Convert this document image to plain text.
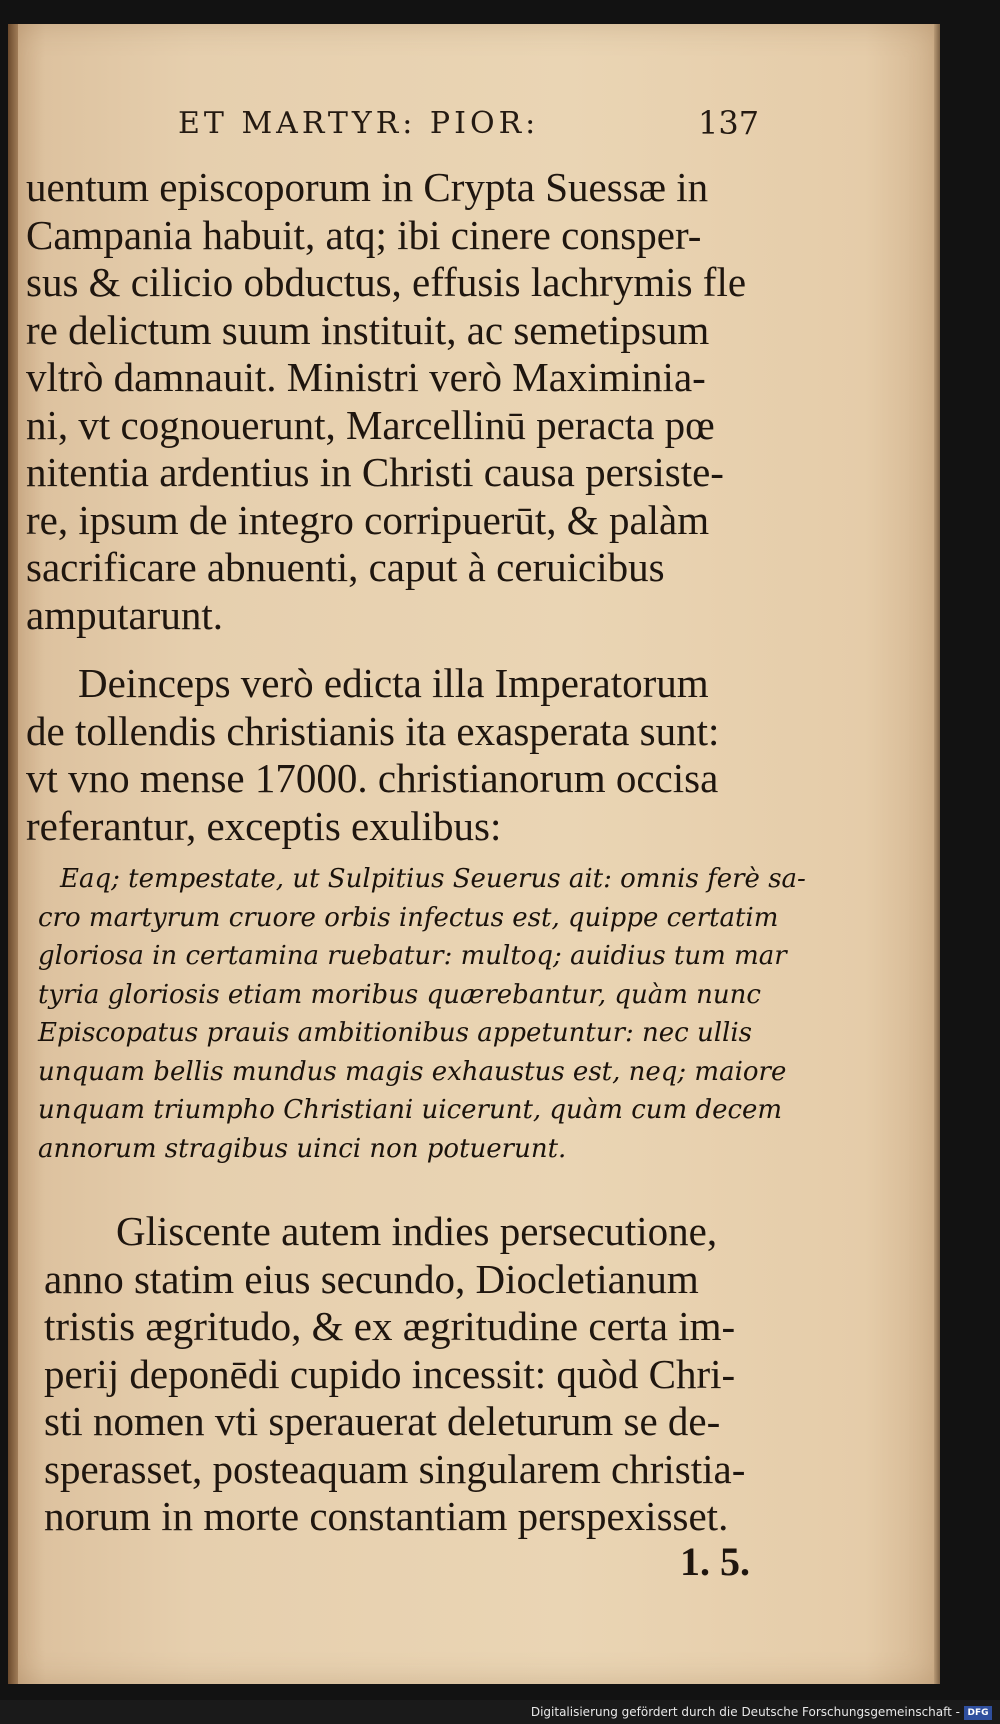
ET MARTYR: PIOR:	137
uentum episcoporum in Crypta Suessæ in
Campania habuit, atq; ibi cinere consper-
sus & cilicio obductus, effusis lachrymis fle
re delictum suum instituit, ac semetipsum
vltrò damnauit. Ministri verò Maximinia-
ni, vt cognouerunt, Marcellinū peracta pœ
nitentia ardentius in Christi causa persiste-
re, ipsum de integro corripuerūt, & palàm
sacrificare abnuenti, caput à ceruicibus
amputarunt.
Deinceps verò edicta illa Imperatorum
de tollendis christianis ita exasperata sunt:
vt vno mense 17000. christianorum occisa
referantur, exceptis exulibus:
Eaq; tempestate, ut Sulpitius Seuerus ait: omnis ferè sa-
cro martyrum cruore orbis infectus est, quippe certatim
gloriosa in certamina ruebatur: multoq; auidius tum mar
tyria gloriosis etiam moribus quærebantur, quàm nunc
Episcopatus prauis ambitionibus appetuntur: nec ullis
unquam bellis mundus magis exhaustus est, neq; maiore
unquam triumpho Christiani uicerunt, quàm cum decem
annorum stragibus uinci non potuerunt.
Gliscente autem indies persecutione,
anno statim eius secundo, Diocletianum
tristis ægritudo, & ex ægritudine certa im-
perij deponēdi cupido incessit: quòd Chri-
sti nomen vti sperauerat deleturum se de-
sperasset, posteaquam singularem christia-
norum in morte constantiam perspexisset.
1. 5.
Digitalisierung gefördert durch die Deutsche Forschungsgemeinschaft - DFG
